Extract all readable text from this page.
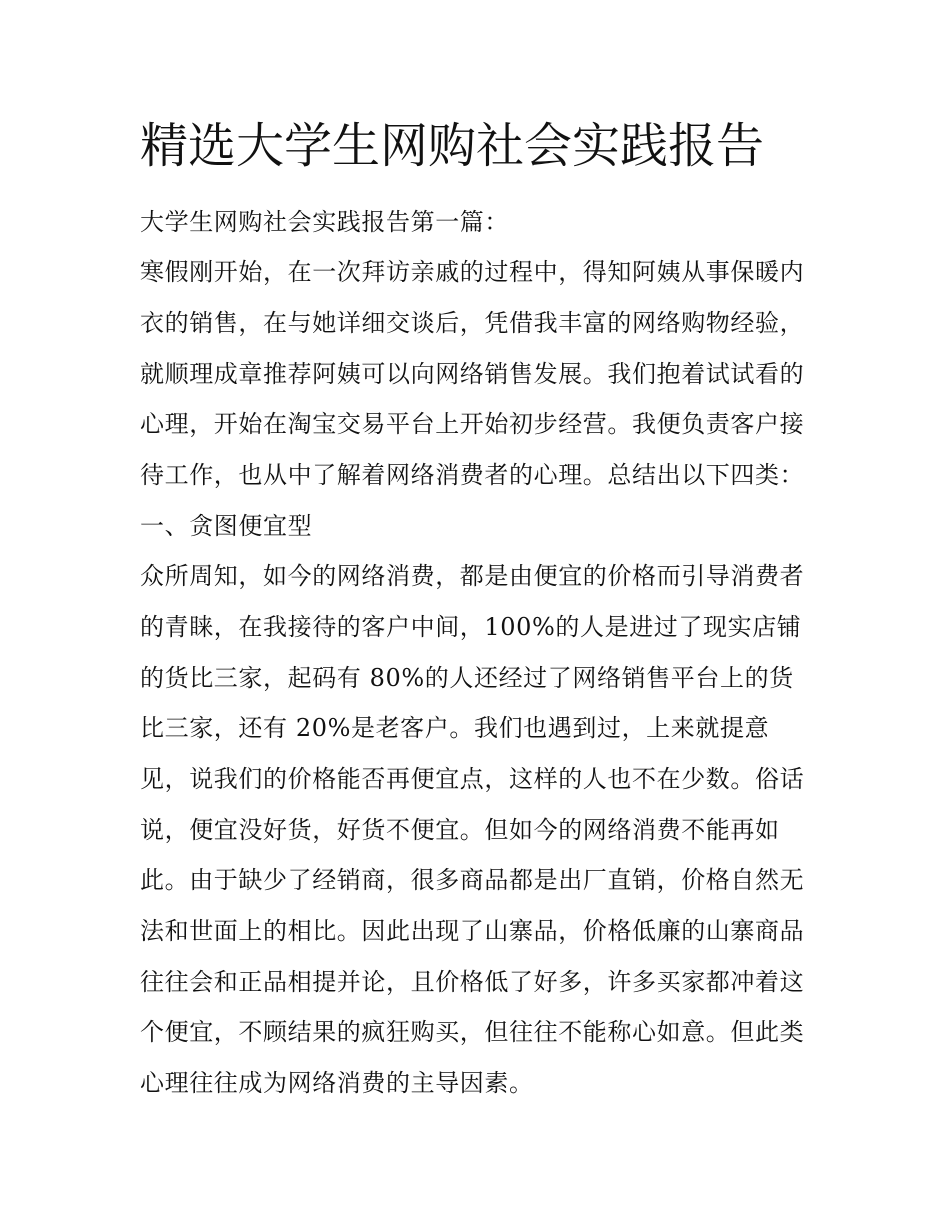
精选大学生网购社会实践报告

大学生网购社会实践报告第一篇：

寒假刚开始，在一次拜访亲戚的过程中，得知阿姨从事保暖内

衣的销售，在与她详细交谈后，凭借我丰富的网络购物经验，

就顺理成章推荐阿姨可以向网络销售发展。我们抱着试试看的

心理，开始在淘宝交易平台上开始初步经营。我便负责客户接

待工作，也从中了解着网络消费者的心理。总结出以下四类：

一、贪图便宜型

众所周知，如今的网络消费，都是由便宜的价格而引导消费者

的青睐，在我接待的客户中间，100%的人是进过了现实店铺

的货比三家，起码有 80%的人还经过了网络销售平台上的货

比三家，还有 20%是老客户。我们也遇到过，上来就提意

见，说我们的价格能否再便宜点，这样的人也不在少数。俗话

说，便宜没好货，好货不便宜。但如今的网络消费不能再如

此。由于缺少了经销商，很多商品都是出厂直销，价格自然无

法和世面上的相比。因此出现了山寨品，价格低廉的山寨商品

往往会和正品相提并论，且价格低了好多，许多买家都冲着这

个便宜，不顾结果的疯狂购买，但往往不能称心如意。但此类

心理往往成为网络消费的主导因素。
